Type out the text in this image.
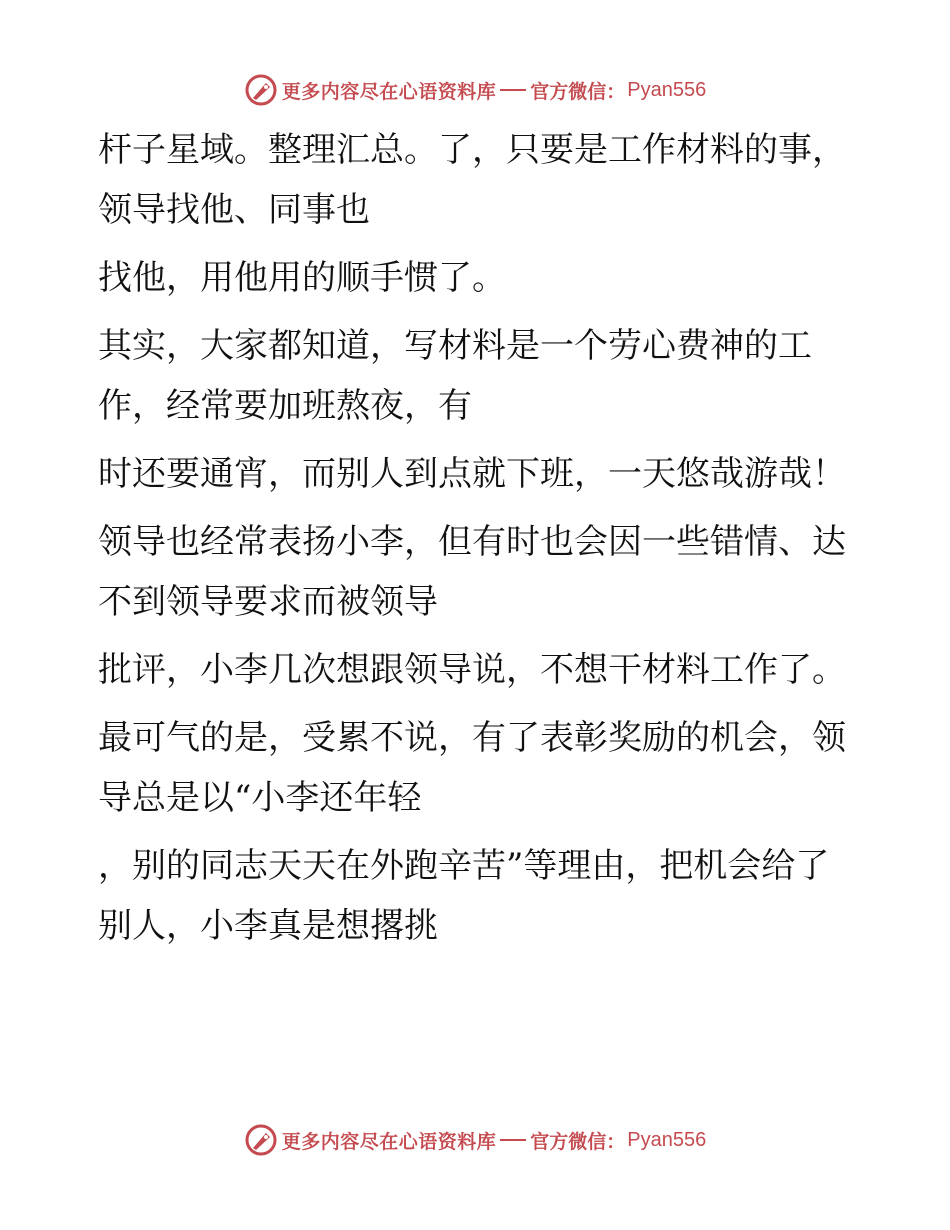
更多内容尽在心语资料库 官方微信： Pyan556

杆子星域。整理汇总。了，只要是工作材料的事，领导找他、同事也

找他，用他用的顺手惯了。

其实，大家都知道，写材料是一个劳心费神的工作，经常要加班熬夜，有

时还要通宵，而别人到点就下班，一天悠哉游哉！

领导也经常表扬小李，但有时也会因一些错情、达不到领导要求而被领导

批评，小李几次想跟领导说，不想干材料工作了。

最可气的是，受累不说，有了表彰奖励的机会，领导总是以“小李还年轻

，别的同志天天在外跑辛苦”等理由，把机会给了别人，小李真是想撂挑

更多内容尽在心语资料库 官方微信： Pyan556
